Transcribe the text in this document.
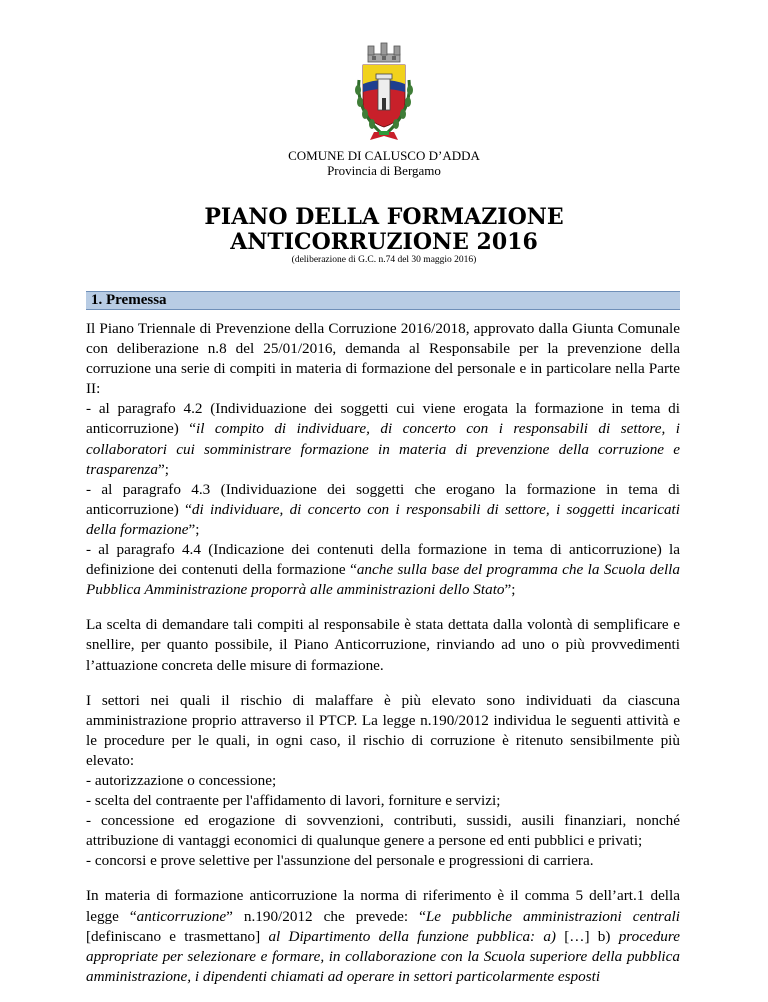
COMUNE DI CALUSCO D’ADDA
Provincia di Bergamo
PIANO DELLA FORMAZIONE
ANTICORRUZIONE 2016
(deliberazione di G.C. n.74 del 30 maggio 2016)
1. Premessa

Il Piano Triennale di Prevenzione della Corruzione 2016/2018, approvato dalla Giunta Comunale con deliberazione n.8 del 25/01/2016, demanda al Responsabile per la prevenzione della corruzione una serie di compiti in materia di formazione del personale e in particolare nella Parte II:
- al paragrafo 4.2 (Individuazione dei soggetti cui viene erogata la formazione in tema di anticorruzione) “il compito di individuare, di concerto con i responsabili di settore, i collaboratori cui somministrare formazione in materia di prevenzione della corruzione e trasparenza”;
- al paragrafo 4.3 (Individuazione dei soggetti che erogano la formazione in tema di anticorruzione) “di individuare, di concerto con i responsabili di settore, i soggetti incaricati della formazione”;
- al paragrafo 4.4 (Indicazione dei contenuti della formazione in tema di anticorruzione) la definizione dei contenuti della formazione “anche sulla base del programma che la Scuola della Pubblica Amministrazione proporrà alle amministrazioni dello Stato”;

La scelta di demandare tali compiti al responsabile è stata dettata dalla volontà di semplificare e snellire, per quanto possibile, il Piano Anticorruzione, rinviando ad uno o più provvedimenti l’attuazione concreta delle misure di formazione.

I settori nei quali il rischio di malaffare è più elevato sono individuati da ciascuna amministrazione proprio attraverso il PTCP. La legge n.190/2012 individua le seguenti attività e le procedure per le quali, in ogni caso, il rischio di corruzione è ritenuto sensibilmente più elevato:
- autorizzazione o concessione;
- scelta del contraente per l'affidamento di lavori, forniture e servizi;
- concessione ed erogazione di sovvenzioni, contributi, sussidi, ausili finanziari, nonché attribuzione di vantaggi economici di qualunque genere a persone ed enti pubblici e privati;
- concorsi e prove selettive per l'assunzione del personale e progressioni di carriera.

In materia di formazione anticorruzione la norma di riferimento è il comma 5 dell’art.1 della legge “anticorruzione” n.190/2012 che prevede: “Le pubbliche amministrazioni centrali [definiscano e trasmettano] al Dipartimento della funzione pubblica: a) […] b) procedure appropriate per selezionare e formare, in collaborazione con la Scuola superiore della pubblica amministrazione, i dipendenti chiamati ad operare in settori particolarmente esposti
